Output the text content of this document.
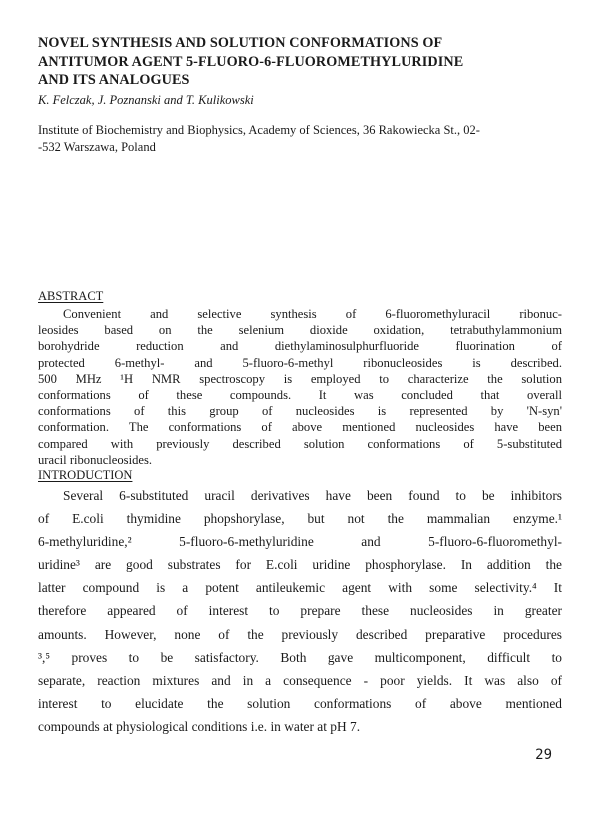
NOVEL SYNTHESIS AND SOLUTION CONFORMATIONS OF
ANTITUMOR AGENT 5-FLUORO-6-FLUOROMETHYLURIDINE
AND ITS ANALOGUES
K. Felczak, J. Poznanski and T. Kulikowski
Institute of Biochemistry and Biophysics, Academy of Sciences, 36 Rakowiecka St., 02-
-532 Warszawa, Poland
ABSTRACT
Convenient and selective synthesis of 6-fluoromethyluracil ribonuc-
leosides based on the selenium dioxide oxidation, tetrabuthylammonium
borohydride reduction and diethylaminosulphurfluoride fluorination of
protected 6-methyl- and 5-fluoro-6-methyl ribonucleosides is described.
500 MHz ¹H NMR spectroscopy is employed to characterize the solution
conformations of these compounds. It was concluded that overall
conformations of this group of nucleosides is represented by 'N-syn'
conformation. The conformations of above mentioned nucleosides have been
compared with previously described solution conformations of 5-substituted
uracil ribonucleosides.
INTRODUCTION
Several 6-substituted uracil derivatives have been found to be inhibitors
of E.coli thymidine phopshorylase, but not the mammalian enzyme.¹
6-methyluridine,² 5-fluoro-6-methyluridine and 5-fluoro-6-fluoromethyl-
uridine³ are good substrates for E.coli uridine phosphorylase. In addition the
latter compound is a potent antileukemic agent with some selectivity.⁴ It
therefore appeared of interest to prepare these nucleosides in greater
amounts. However, none of the previously described preparative procedures
³,⁵ proves to be satisfactory. Both gave multicomponent, difficult to
separate, reaction mixtures and in a consequence - poor yields. It was also of
interest to elucidate the solution conformations of above mentioned
compounds at physiological conditions i.e. in water at pH 7.
29
